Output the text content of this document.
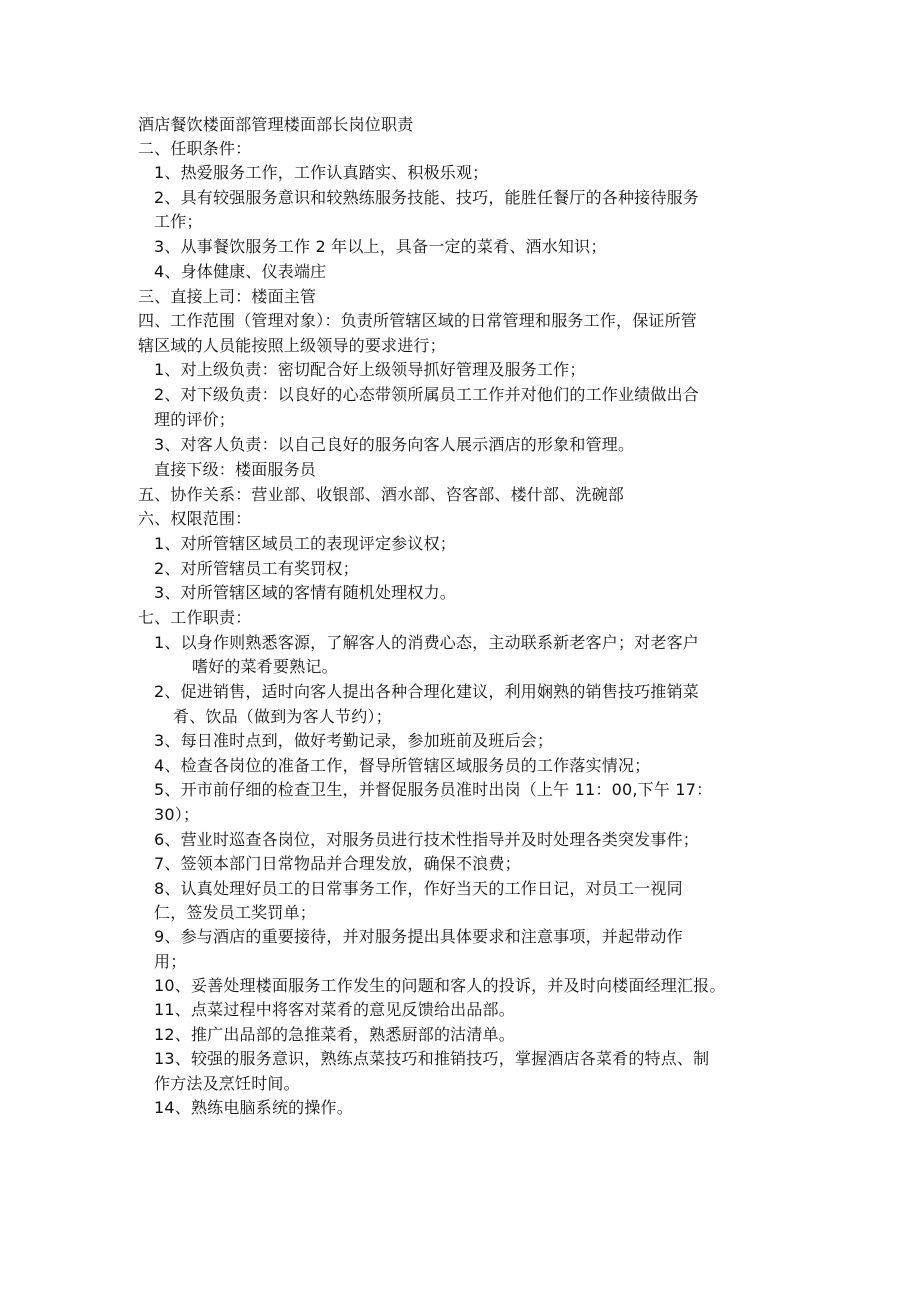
酒店餐饮楼面部管理楼面部长岗位职责
二、任职条件：
1、热爱服务工作，工作认真踏实、积极乐观；
2、具有较强服务意识和较熟练服务技能、技巧，能胜任餐厅的各种接待服务
工作；
3、从事餐饮服务工作 2 年以上，具备一定的菜肴、酒水知识；
4、身体健康、仪表端庄
三、直接上司：楼面主管
四、工作范围（管理对象）：负责所管辖区域的日常管理和服务工作，保证所管
辖区域的人员能按照上级领导的要求进行；
1、对上级负责：密切配合好上级领导抓好管理及服务工作；
2、对下级负责：以良好的心态带领所属员工工作并对他们的工作业绩做出合
理的评价；
3、对客人负责：以自己良好的服务向客人展示酒店的形象和管理。
直接下级：楼面服务员
五、协作关系：营业部、收银部、酒水部、咨客部、楼什部、洗碗部
六、权限范围：
1、对所管辖区域员工的表现评定参议权；
2、对所管辖员工有奖罚权；
3、对所管辖区域的客情有随机处理权力。
七、工作职责：
1、以身作则熟悉客源，了解客人的消费心态，主动联系新老客户；对老客户
嗜好的菜肴要熟记。
2、促进销售，适时向客人提出各种合理化建议，利用娴熟的销售技巧推销菜
肴、饮品（做到为客人节约）；
3、每日准时点到，做好考勤记录，参加班前及班后会；
4、检查各岗位的准备工作，督导所管辖区域服务员的工作落实情况；
5、开市前仔细的检查卫生，并督促服务员准时出岗（上午 11：00,下午 17：
30）；
6、营业时巡查各岗位，对服务员进行技术性指导并及时处理各类突发事件；
7、签领本部门日常物品并合理发放，确保不浪费；
8、认真处理好员工的日常事务工作，作好当天的工作日记，对员工一视同
仁，签发员工奖罚单；
9、参与酒店的重要接待，并对服务提出具体要求和注意事项，并起带动作
用；
10、妥善处理楼面服务工作发生的问题和客人的投诉，并及时向楼面经理汇报。
11、点菜过程中将客对菜肴的意见反馈给出品部。
12、推广出品部的急推菜肴，熟悉厨部的沽清单。
13、较强的服务意识，熟练点菜技巧和推销技巧，掌握酒店各菜肴的特点、制
作方法及烹饪时间。
14、熟练电脑系统的操作。
